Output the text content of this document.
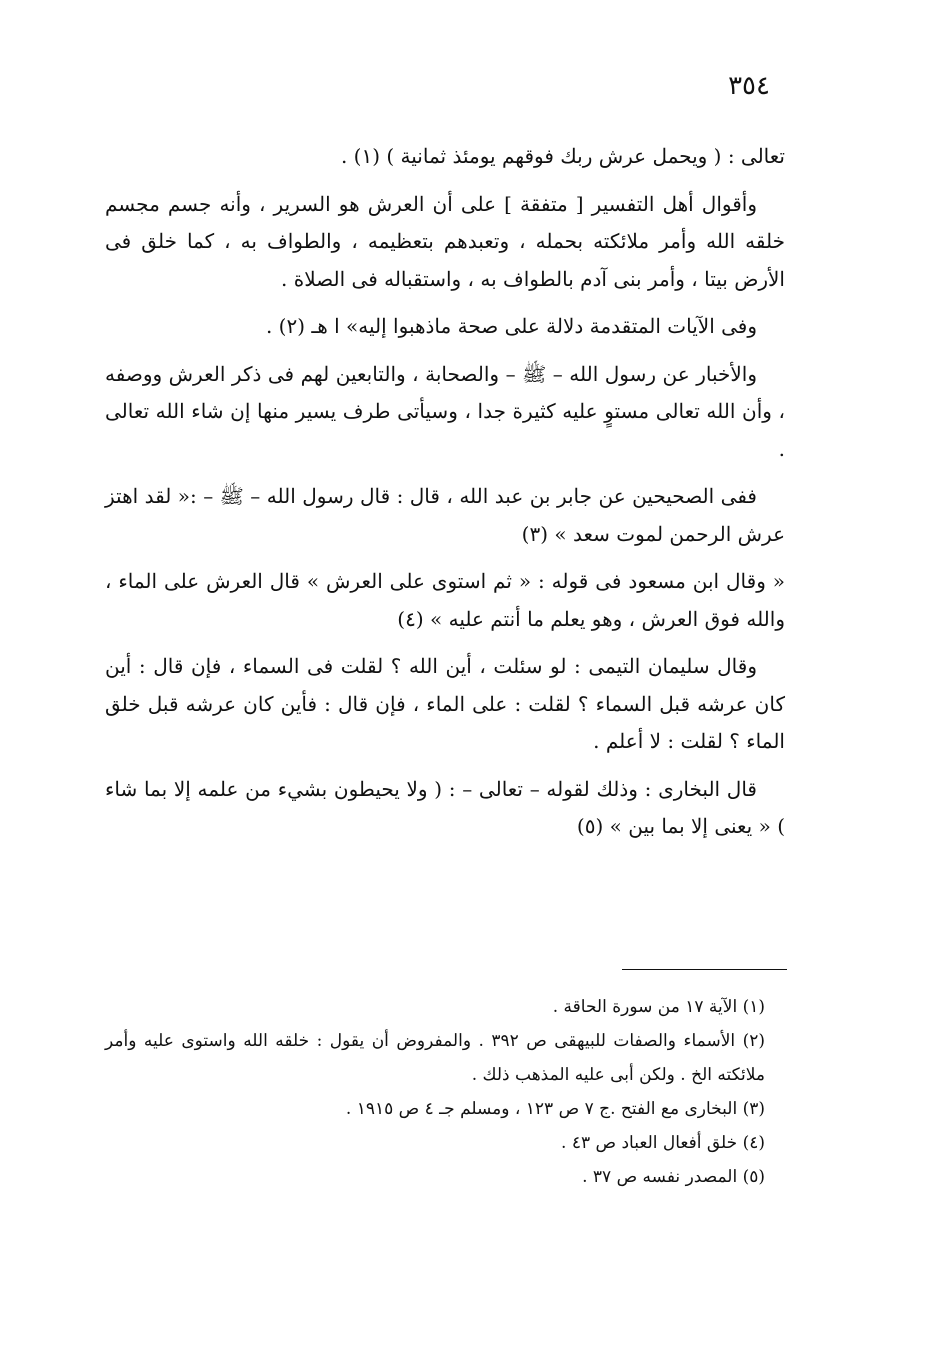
٣٥٤

تعالى : ( ويحمل عرش ربك فوقهم يومئذ ثمانية ) (١) .

وأقوال أهل التفسير [ متفقة ] على أن العرش هو السرير ، وأنه جسم مجسم خلقه الله وأمر ملائكته بحمله ، وتعبدهم بتعظيمه ، والطواف به ، كما خلق فى الأرض بيتا ، وأمر بنى آدم بالطواف به ، واستقباله فى الصلاة .

وفى الآيات المتقدمة دلالة على صحة ماذهبوا إليه» ا هـ (٢) .

والأخبار عن رسول الله – ﷺ – والصحابة ، والتابعين لهم فى ذكر العرش ووصفه ، وأن الله تعالى مستوٍ عليه كثيرة جدا ، وسيأتى طرف يسير منها إن شاء الله تعالى .

ففى الصحيحين عن جابر بن عبد الله ، قال : قال رسول الله – ﷺ – :« لقد اهتز عرش الرحمن لموت سعد » (٣)

« وقال ابن مسعود فى قوله : « ثم استوى على العرش » قال العرش على الماء ، والله فوق العرش ، وهو يعلم ما أنتم عليه » (٤)

وقال سليمان التيمى : لو سئلت ، أين الله ؟ لقلت فى السماء ، فإن قال : أين كان عرشه قبل السماء ؟ لقلت : على الماء ، فإن قال : فأين كان عرشه قبل خلق الماء ؟ لقلت : لا أعلم .

قال البخارى : وذلك لقوله – تعالى – : ( ولا يحيطون بشيء من علمه إلا بما شاء ) « يعنى إلا بما بين » (٥)

(١) الآية ١٧ من سورة الحاقة .

(٢) الأسماء والصفات للبيهقى ص ٣٩٢ . والمفروض أن يقول : خلقه الله واستوى عليه وأمر ملائكته الخ . ولكن أبى عليه المذهب ذلك .

(٣) البخارى مع الفتح .ج ٧ ص ١٢٣ ، ومسلم جـ ٤ ص ١٩١٥ .

(٤) خلق أفعال العباد ص ٤٣ .

(٥) المصدر نفسه ص ٣٧ .
